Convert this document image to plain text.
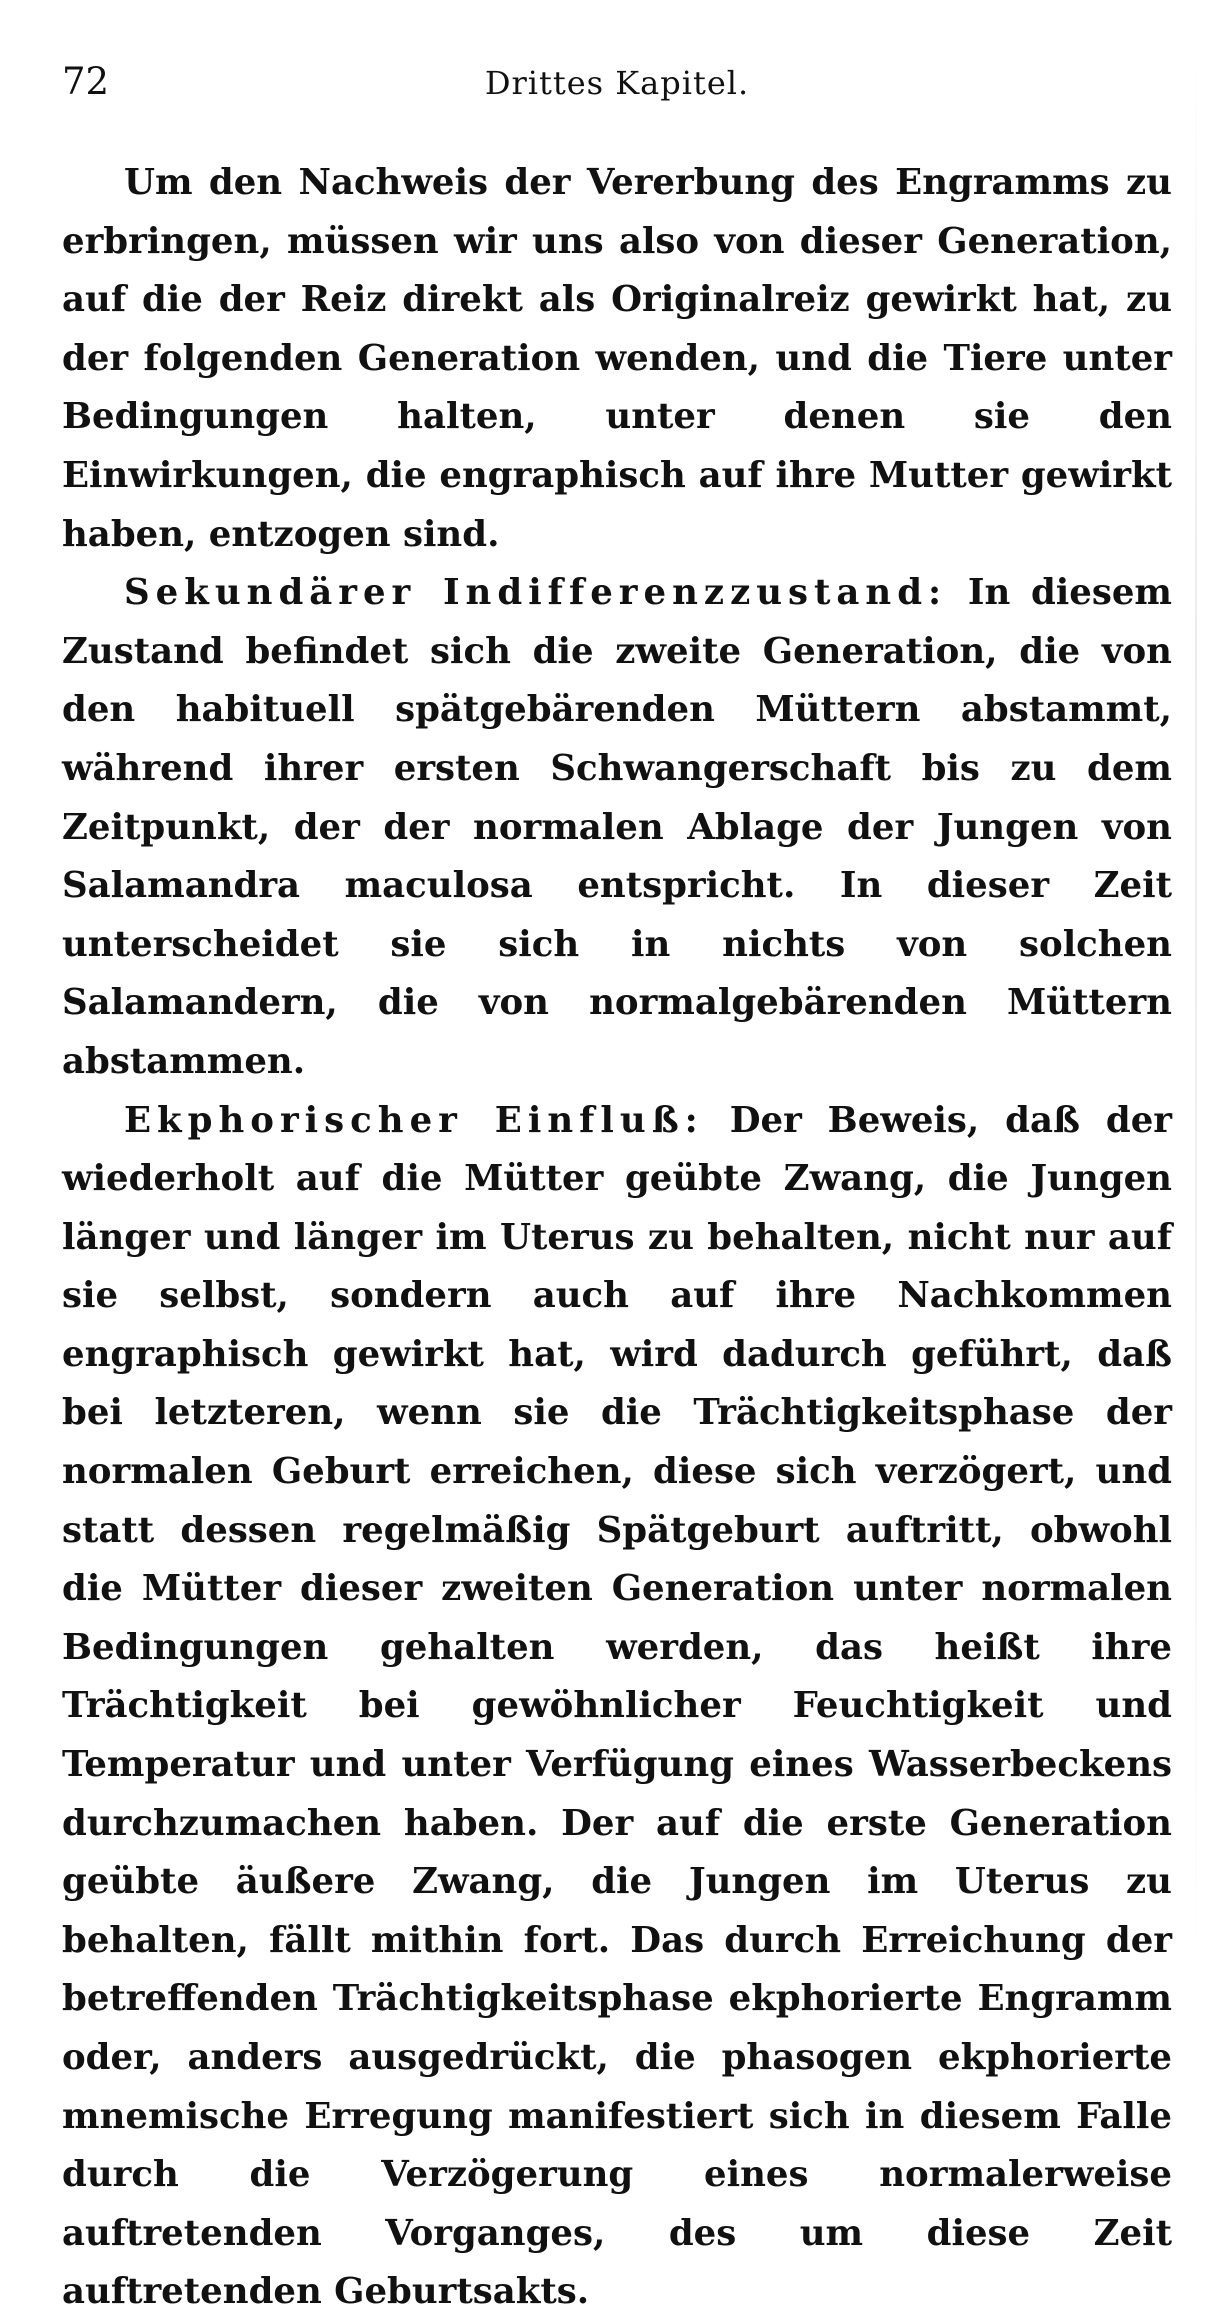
72	Drittes Kapitel.

Um den Nachweis der Vererbung des Engramms zu erbringen, müssen wir uns also von dieser Generation, auf die der Reiz direkt als Originalreiz gewirkt hat, zu der folgenden Generation wenden, und die Tiere unter Bedingungen halten, unter denen sie den Einwirkungen, die engraphisch auf ihre Mutter gewirkt haben, entzogen sind.

Sekundärer Indifferenzzustand: In diesem Zustand befindet sich die zweite Generation, die von den habituell spätgebärenden Müttern abstammt, während ihrer ersten Schwangerschaft bis zu dem Zeitpunkt, der der normalen Ablage der Jungen von Salamandra maculosa entspricht. In dieser Zeit unterscheidet sie sich in nichts von solchen Salamandern, die von normalgebärenden Müttern abstammen.

Ekphorischer Einfluß: Der Beweis, daß der wiederholt auf die Mütter geübte Zwang, die Jungen länger und länger im Uterus zu behalten, nicht nur auf sie selbst, sondern auch auf ihre Nachkommen engraphisch gewirkt hat, wird dadurch geführt, daß bei letzteren, wenn sie die Trächtigkeitsphase der normalen Geburt erreichen, diese sich verzögert, und statt dessen regelmäßig Spätgeburt auftritt, obwohl die Mütter dieser zweiten Generation unter normalen Bedingungen gehalten werden, das heißt ihre Trächtigkeit bei gewöhnlicher Feuchtigkeit und Temperatur und unter Verfügung eines Wasserbeckens durchzumachen haben. Der auf die erste Generation geübte äußere Zwang, die Jungen im Uterus zu behalten, fällt mithin fort. Das durch Erreichung der betreffenden Trächtigkeitsphase ekphorierte Engramm oder, anders ausgedrückt, die phasogen ekphorierte mnemische Erregung manifestiert sich in diesem Falle durch die Verzögerung eines normalerweise auftretenden Vorganges, des um diese Zeit auftretenden Geburtsakts.
